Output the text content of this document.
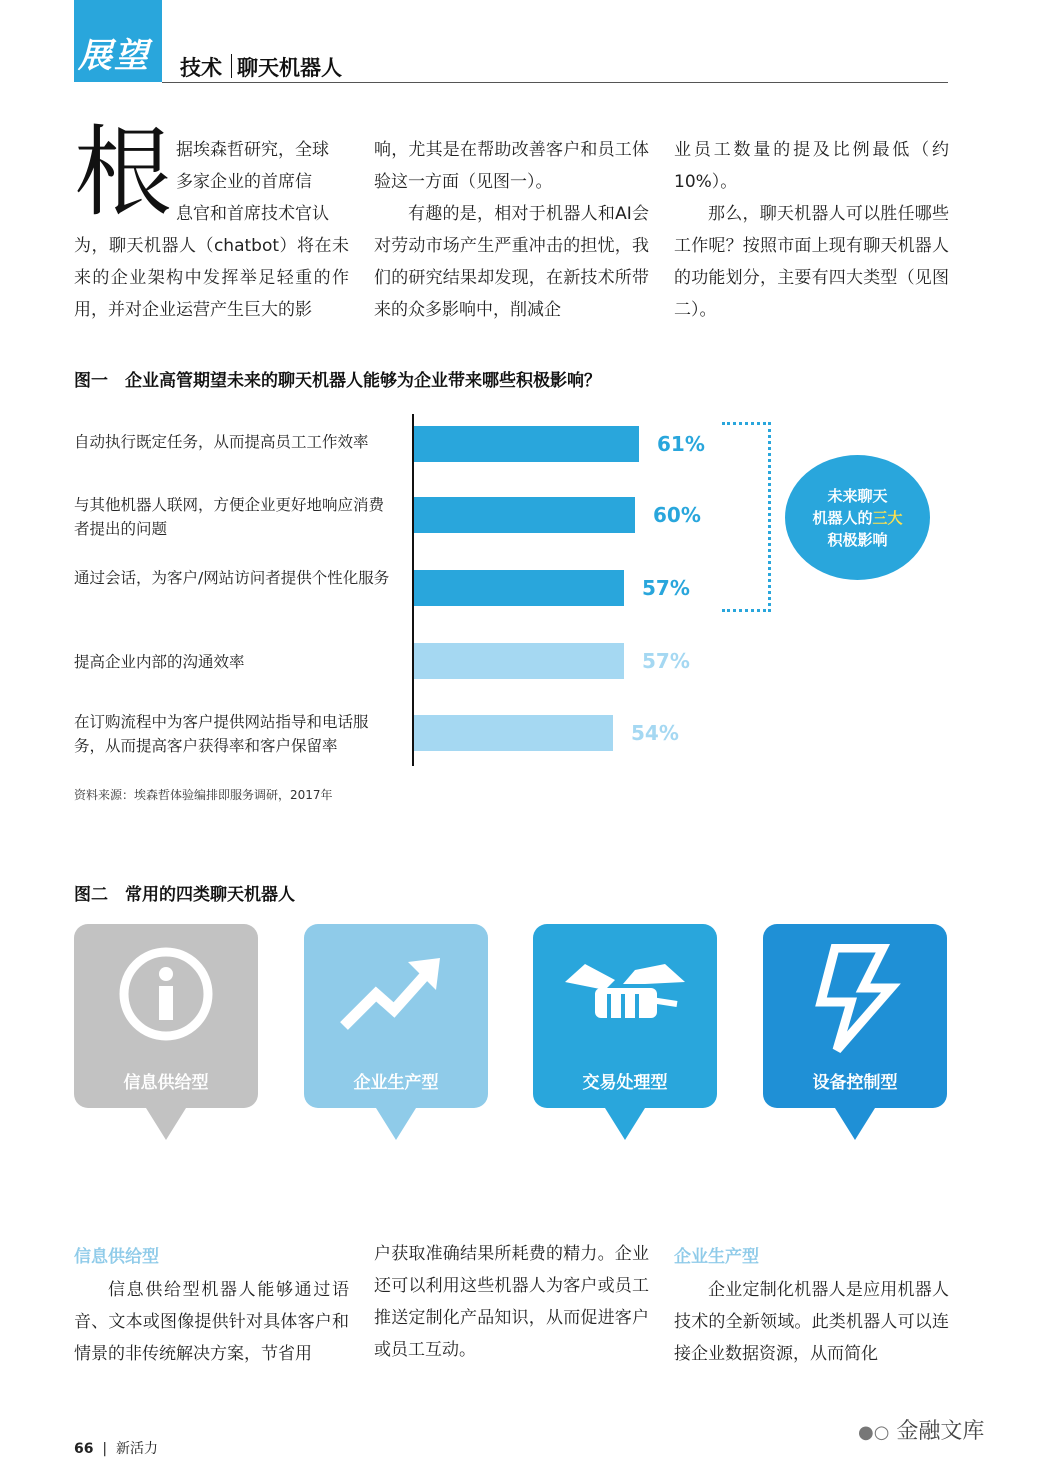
展望	技术 聊天机器人
根 据埃森哲研究，全球
多家企业的首席信
息官和首席技术官认
为，聊天机器人（chatbot）将在未来的企业架构中发挥举足轻重的作用，并对企业运营产生巨大的影
响，尤其是在帮助改善客户和员工体验这一方面（见图一）。
有趣的是，相对于机器人和AI会对劳动市场产生严重冲击的担忧，我们的研究结果却发现，在新技术所带来的众多影响中，削减企
业员工数量的提及比例最低（约10%）。
那么，聊天机器人可以胜任哪些工作呢？按照市面上现有聊天机器人的功能划分，主要有四大类型（见图二）。
图一　企业高管期望未来的聊天机器人能够为企业带来哪些积极影响？
自动执行既定任务，从而提高员工工作效率	61%
与其他机器人联网，方便企业更好地响应消费者提出的问题
60%
通过会话，为客户/网站访问者提供个性化服务	57%
提高企业内部的沟通效率	57%
在订购流程中为客户提供网站指导和电话服务，从而提高客户获得率和客户保留率
54%
未来聊天
机器人的三大
积极影响
资料来源：埃森哲体验编排即服务调研，2017年
图二　常用的四类聊天机器人
信息供给型	企业生产型	交易处理型	设备控制型
信息供给型
信息供给型机器人能够通过语音、文本或图像提供针对具体客户和情景的非传统解决方案，节省用
户获取准确结果所耗费的精力。企业还可以利用这些机器人为客户或员工推送定制化产品知识，从而促进客户或员工互动。
企业生产型
企业定制化机器人是应用机器人技术的全新领域。此类机器人可以连接企业数据资源，从而简化
66  |  新活力
●○ 金融文库
